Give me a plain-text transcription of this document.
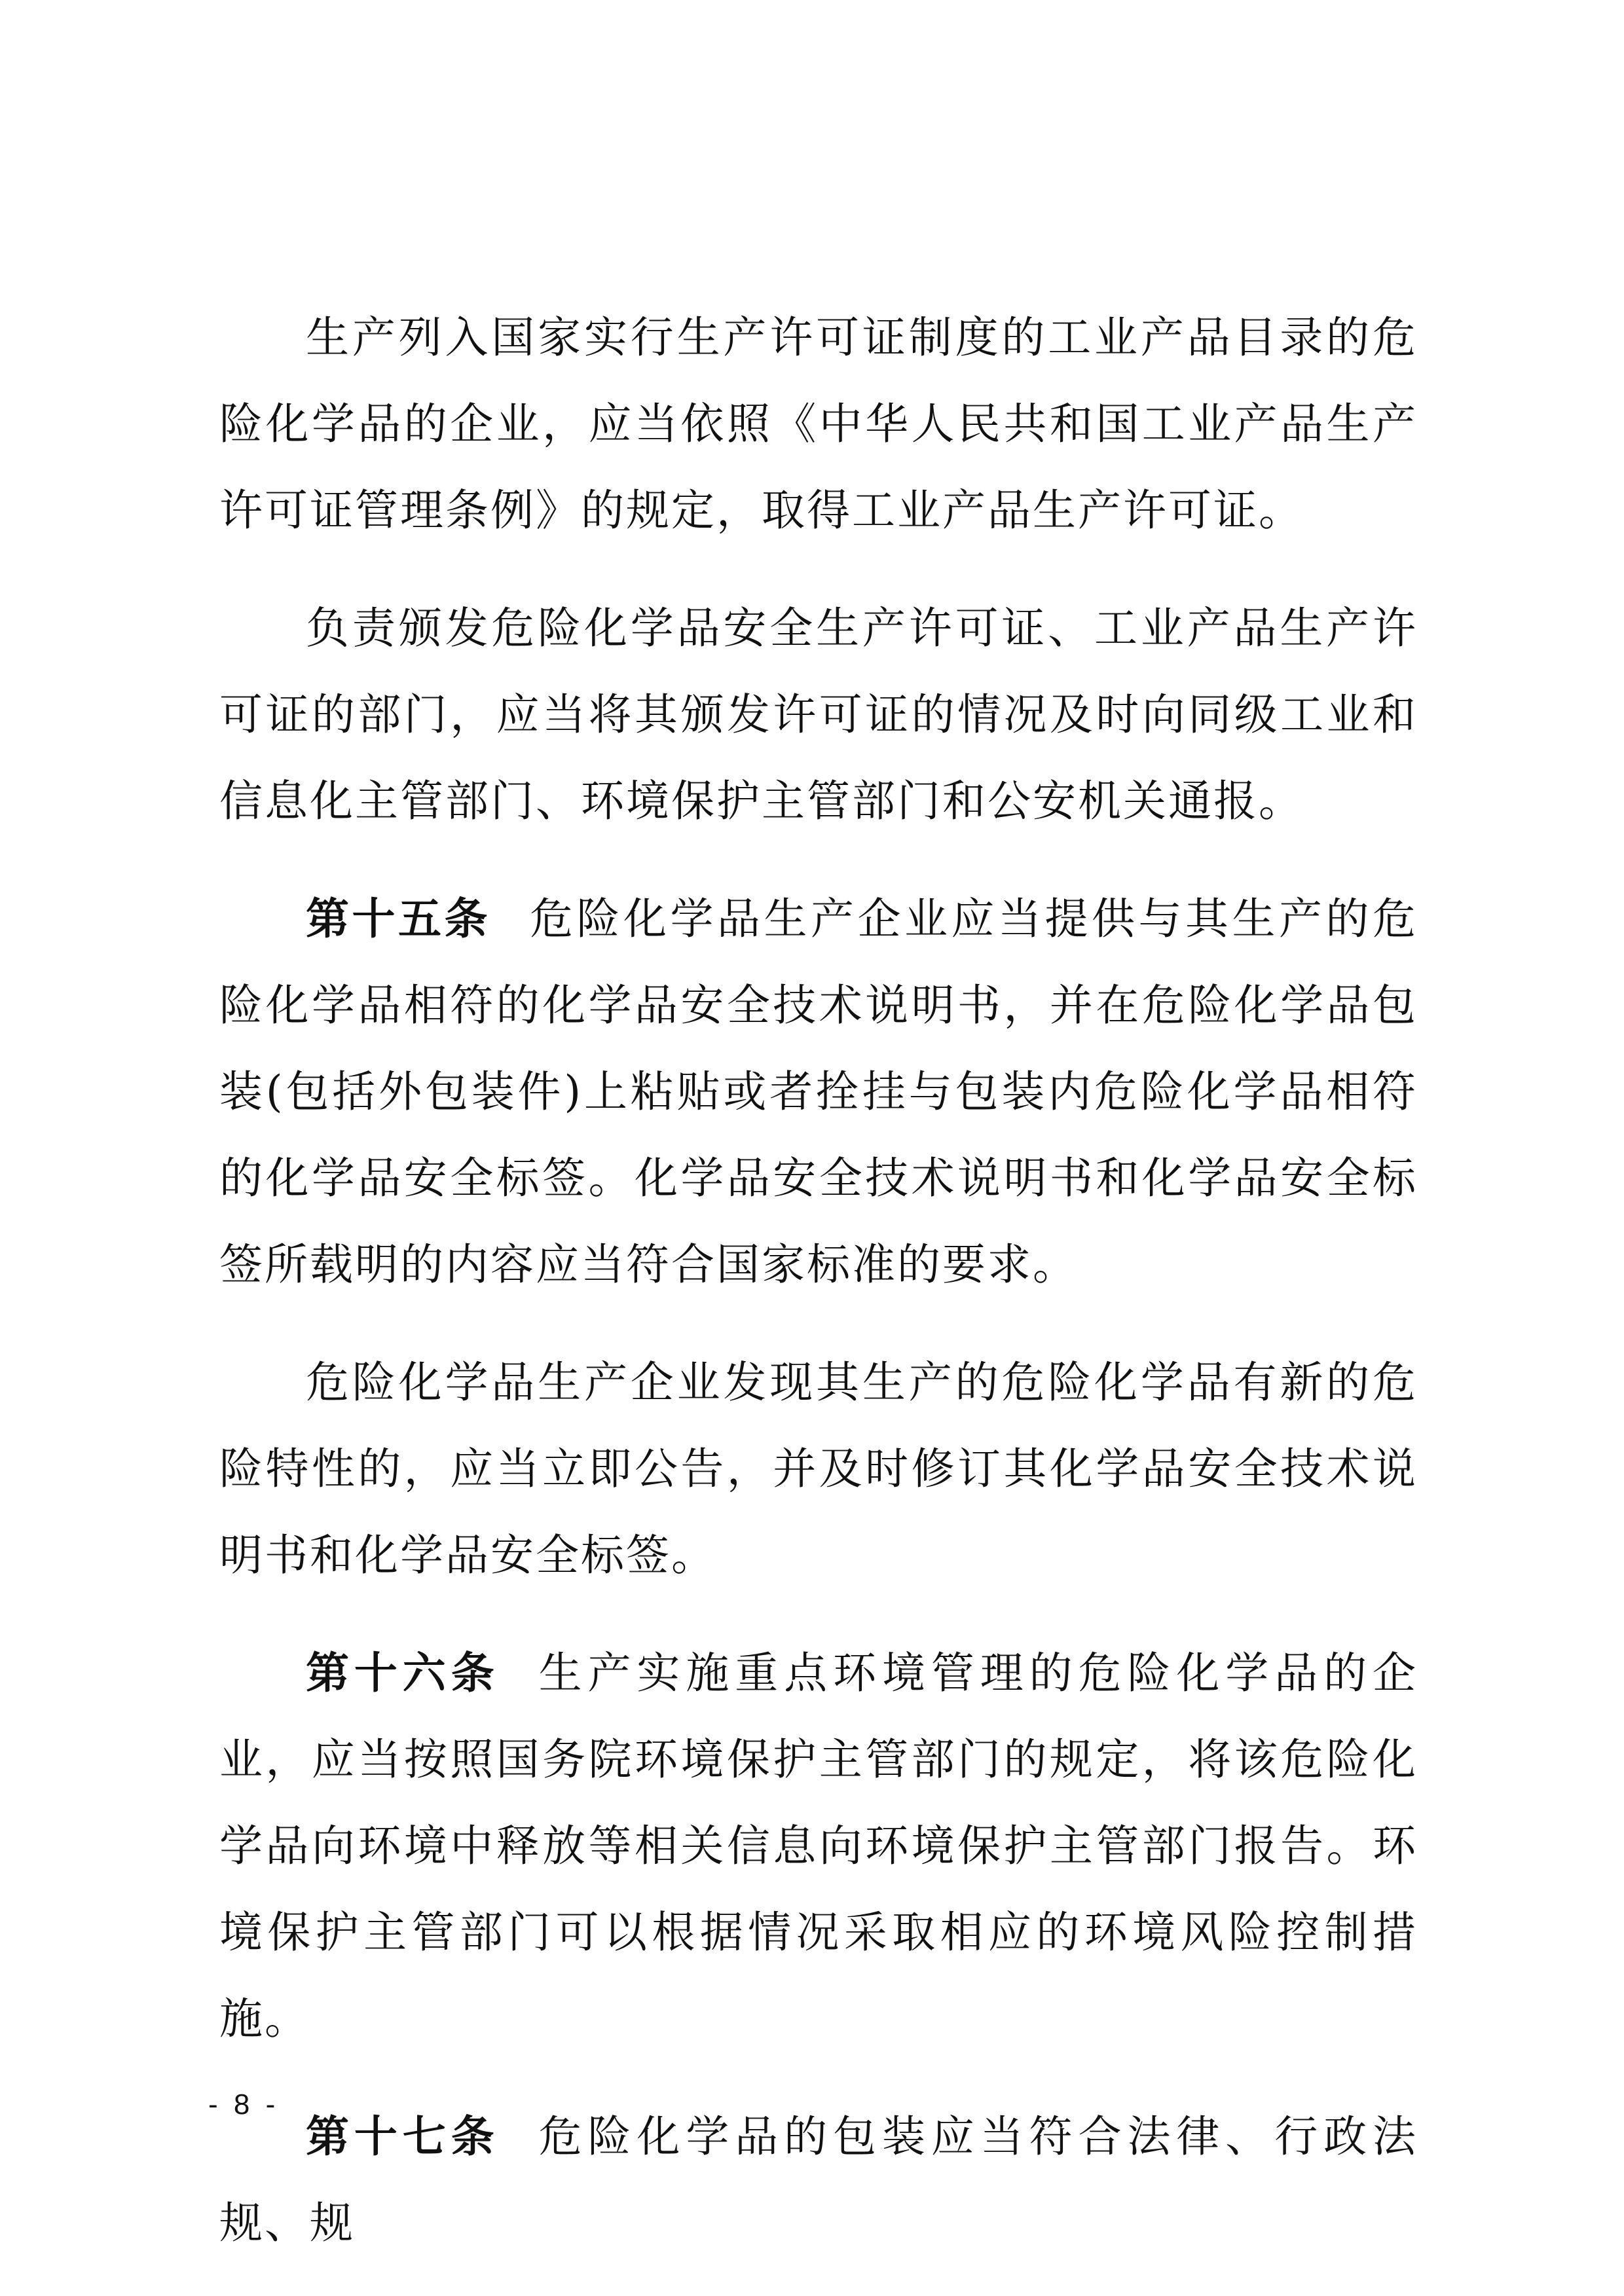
生产列入国家实行生产许可证制度的工业产品目录的危险化学品的企业，应当依照《中华人民共和国工业产品生产许可证管理条例》的规定，取得工业产品生产许可证。

负责颁发危险化学品安全生产许可证、工业产品生产许可证的部门，应当将其颁发许可证的情况及时向同级工业和信息化主管部门、环境保护主管部门和公安机关通报。

第十五条 危险化学品生产企业应当提供与其生产的危险化学品相符的化学品安全技术说明书，并在危险化学品包装(包括外包装件)上粘贴或者拴挂与包装内危险化学品相符的化学品安全标签。化学品安全技术说明书和化学品安全标签所载明的内容应当符合国家标准的要求。

危险化学品生产企业发现其生产的危险化学品有新的危险特性的，应当立即公告，并及时修订其化学品安全技术说明书和化学品安全标签。

第十六条 生产实施重点环境管理的危险化学品的企业，应当按照国务院环境保护主管部门的规定，将该危险化学品向环境中释放等相关信息向环境保护主管部门报告。环境保护主管部门可以根据情况采取相应的环境风险控制措施。

第十七条 危险化学品的包装应当符合法律、行政法规、规

- 8 -
